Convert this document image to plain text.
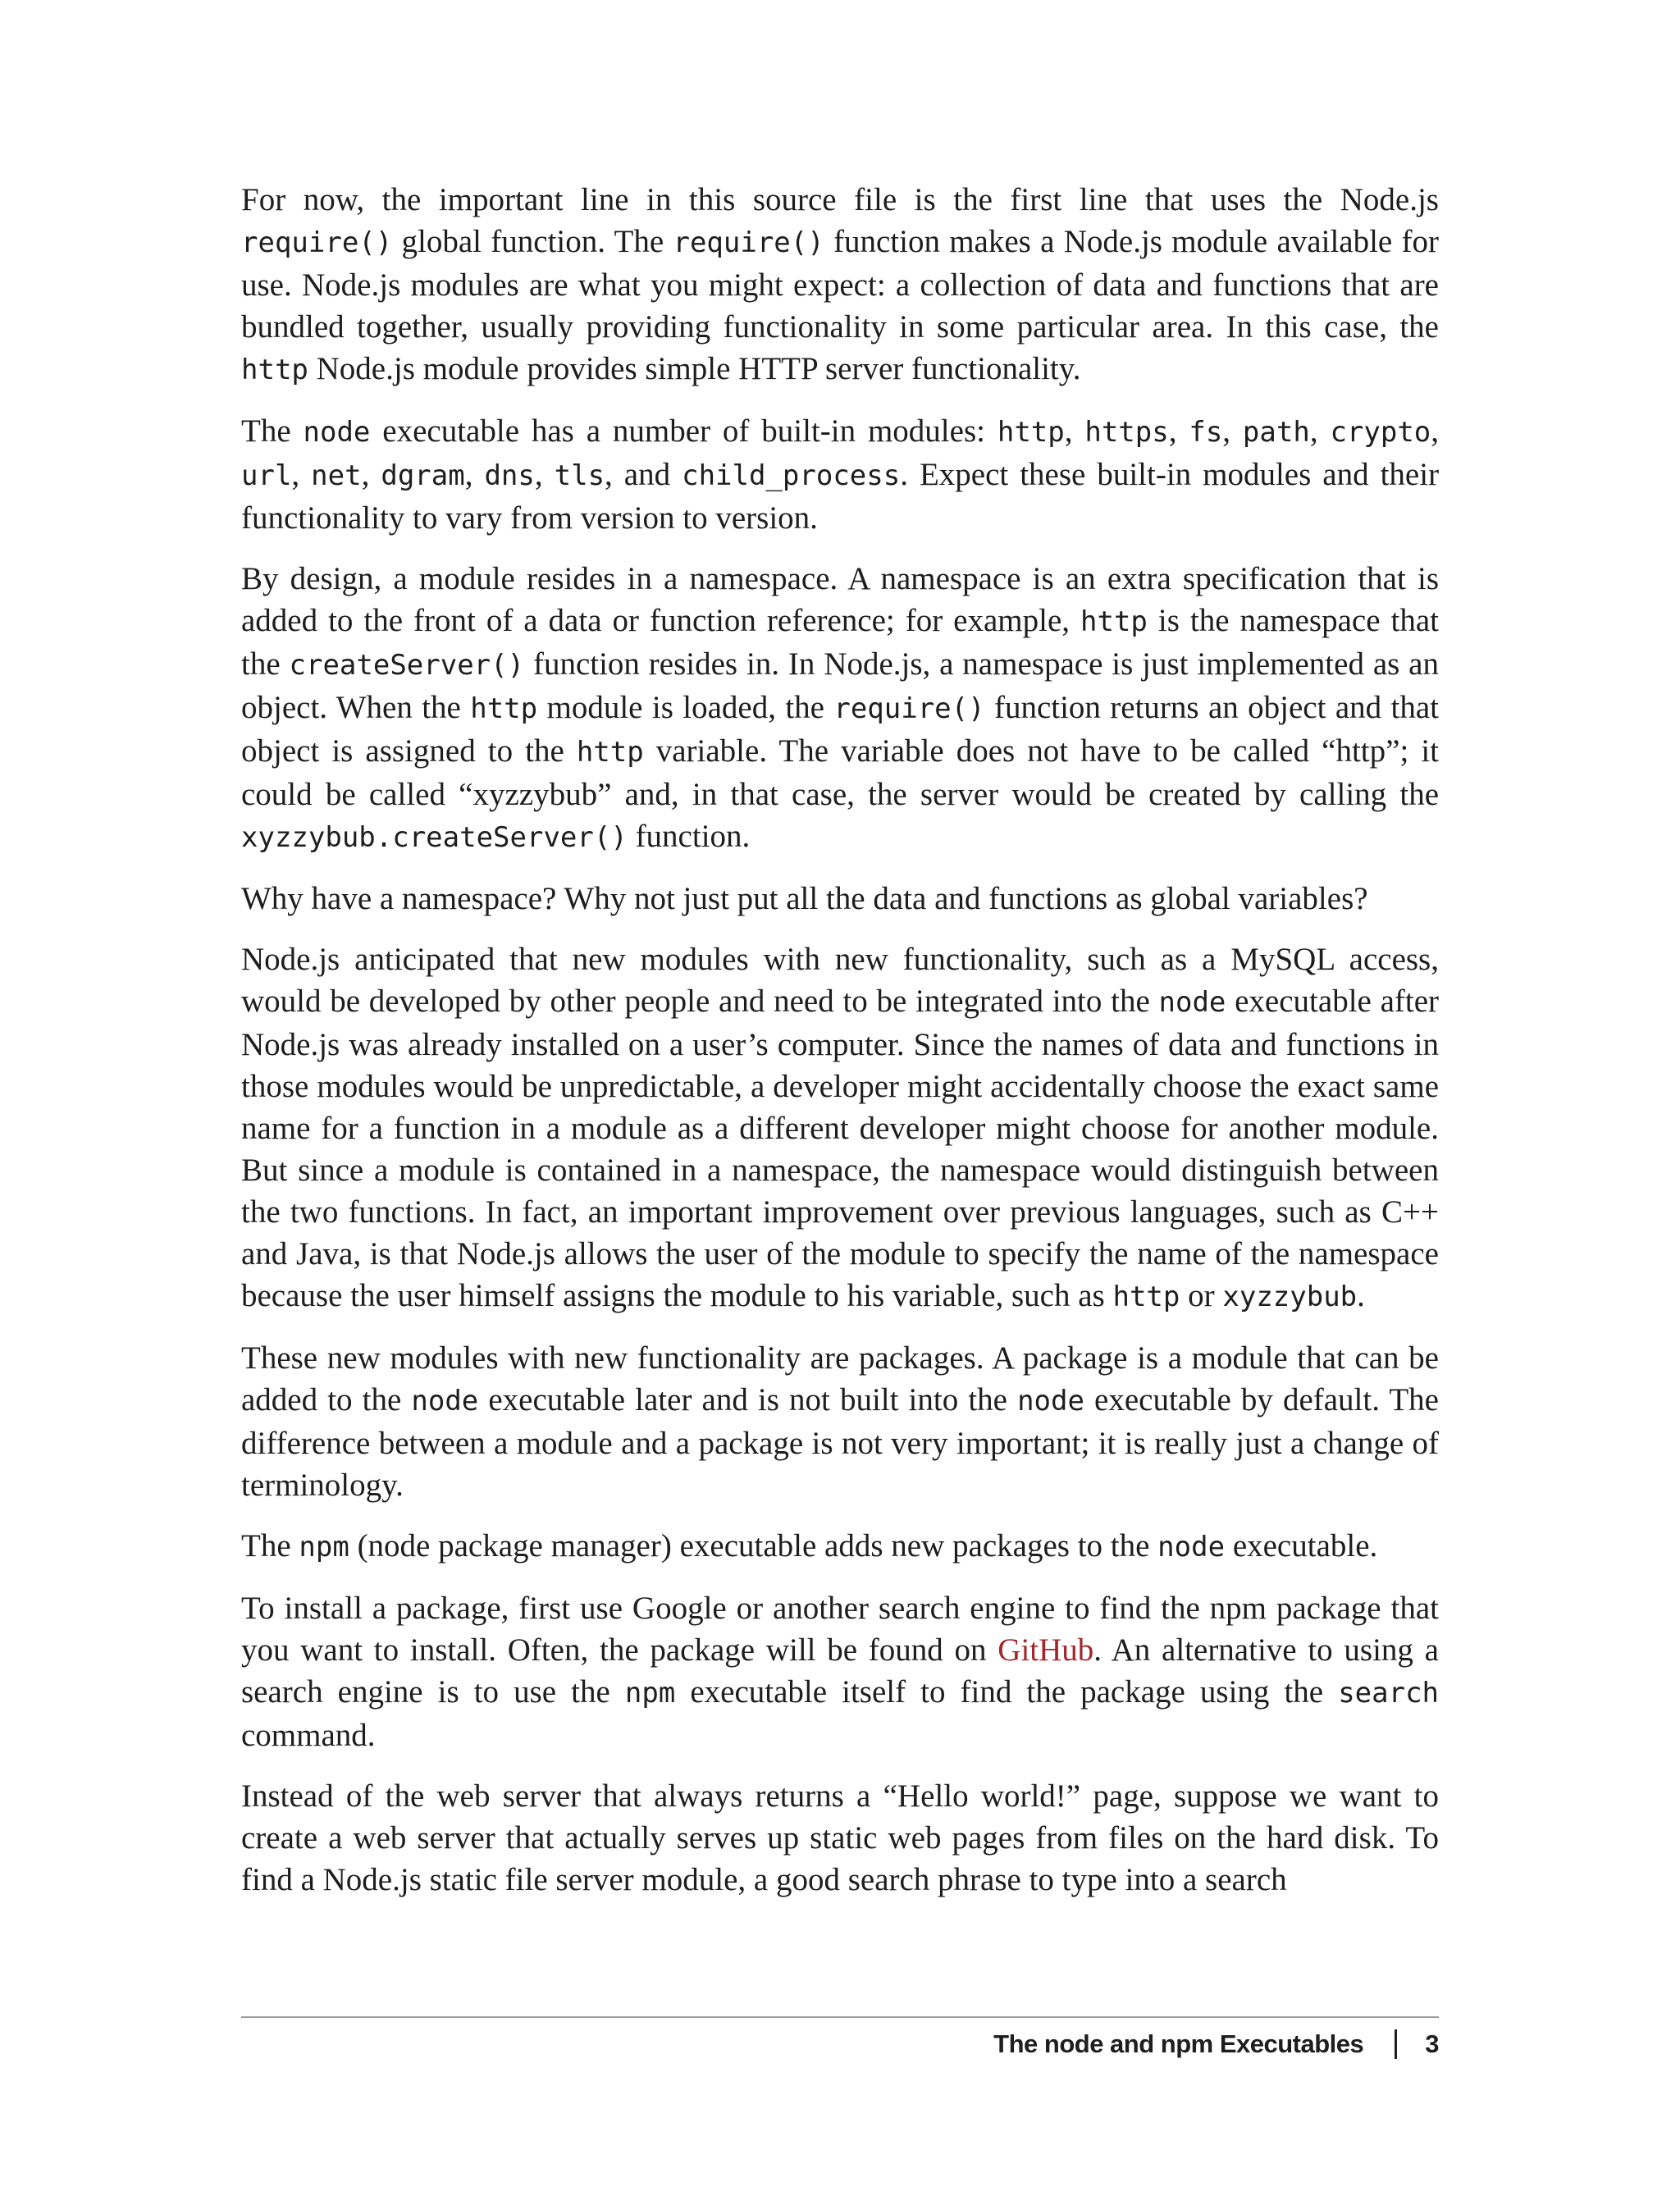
For now, the important line in this source file is the first line that uses the Node.js require() global function. The require() function makes a Node.js module available for use. Node.js modules are what you might expect: a collection of data and functions that are bundled together, usually providing functionality in some particular area. In this case, the http Node.js module provides simple HTTP server functionality.

The node executable has a number of built-in modules: http, https, fs, path, crypto, url, net, dgram, dns, tls, and child_process. Expect these built-in modules and their functionality to vary from version to version.

By design, a module resides in a namespace. A namespace is an extra specification that is added to the front of a data or function reference; for example, http is the namespace that the createServer() function resides in. In Node.js, a namespace is just implemented as an object. When the http module is loaded, the require() function returns an object and that object is assigned to the http variable. The variable does not have to be called “http”; it could be called “xyzzybub” and, in that case, the server would be created by calling the xyzzybub.createServer() function.

Why have a namespace? Why not just put all the data and functions as global variables?

Node.js anticipated that new modules with new functionality, such as a MySQL access, would be developed by other people and need to be integrated into the node executable after Node.js was already installed on a user’s computer. Since the names of data and functions in those modules would be unpredictable, a developer might accidentally choose the exact same name for a function in a module as a different developer might choose for another module. But since a module is contained in a namespace, the namespace would distinguish between the two functions. In fact, an important improvement over previous languages, such as C++ and Java, is that Node.js allows the user of the module to specify the name of the namespace because the user himself assigns the module to his variable, such as http or xyzzybub.

These new modules with new functionality are packages. A package is a module that can be added to the node executable later and is not built into the node executable by default. The difference between a module and a package is not very important; it is really just a change of terminology.

The npm (node package manager) executable adds new packages to the node executable.

To install a package, first use Google or another search engine to find the npm package that you want to install. Often, the package will be found on GitHub. An alternative to using a search engine is to use the npm executable itself to find the package using the search command.

Instead of the web server that always returns a “Hello world!” page, suppose we want to create a web server that actually serves up static web pages from files on the hard disk. To find a Node.js static file server module, a good search phrase to type into a search

The node and npm Executables 3
